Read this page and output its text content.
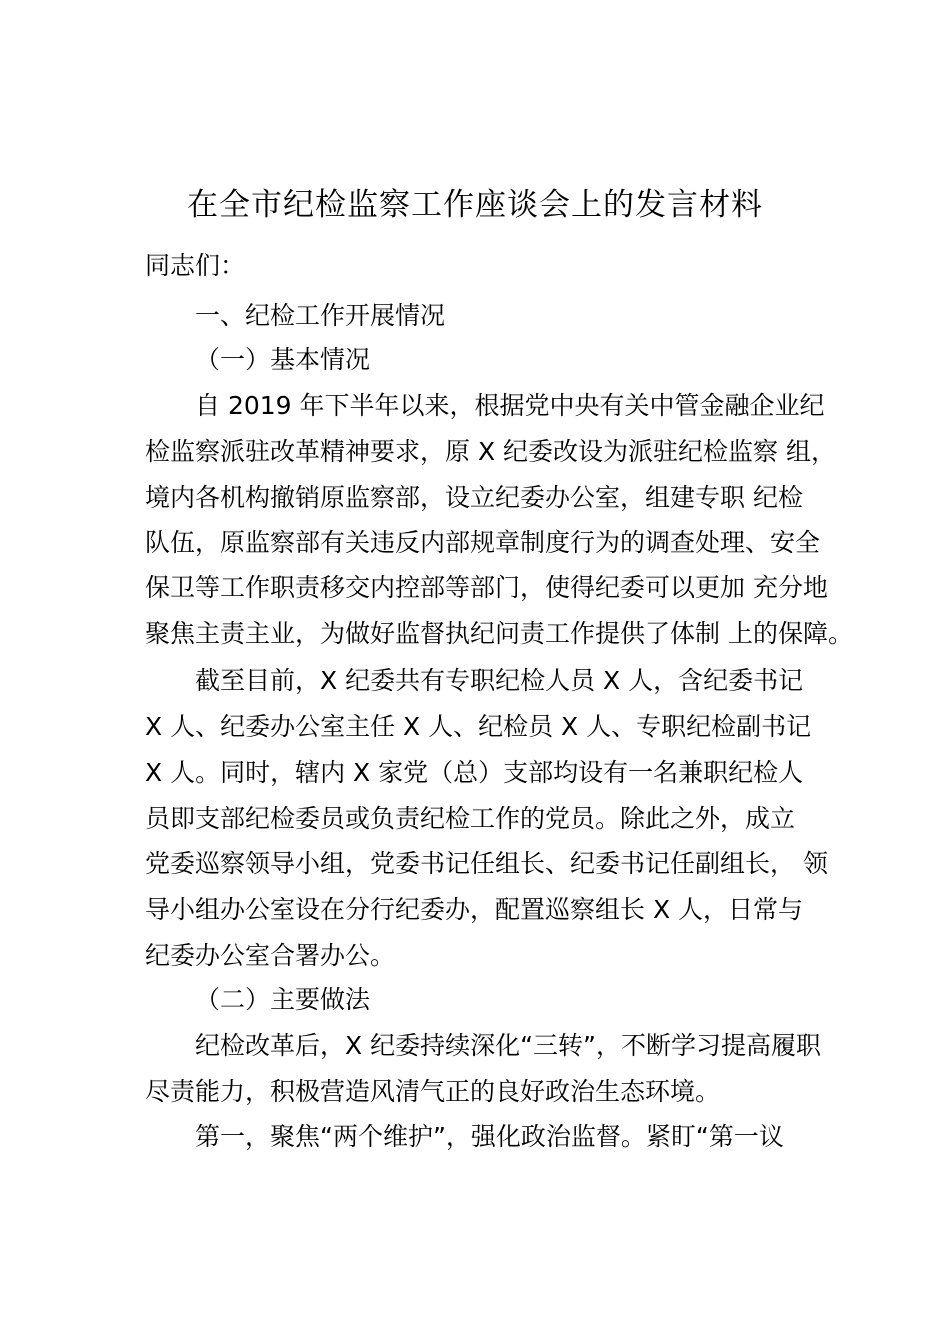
在全市纪检监察工作座谈会上的发言材料
同志们：
一、纪检工作开展情况
（一）基本情况
自 2019 年下半年以来，根据党中央有关中管金融企业纪
检监察派驻改革精神要求，原 X 纪委改设为派驻纪检监察 组，
境内各机构撤销原监察部，设立纪委办公室，组建专职 纪检
队伍，原监察部有关违反内部规章制度行为的调查处理、安全
保卫等工作职责移交内控部等部门，使得纪委可以更加 充分地
聚焦主责主业，为做好监督执纪问责工作提供了体制 上的保障。
截至目前，X 纪委共有专职纪检人员 X 人，含纪委书记
X 人、纪委办公室主任 X 人、纪检员 X 人、专职纪检副书记
X 人。同时，辖内 X 家党（总）支部均设有一名兼职纪检人
员即支部纪检委员或负责纪检工作的党员。除此之外，成立
党委巡察领导小组，党委书记任组长、纪委书记任副组长， 领
导小组办公室设在分行纪委办，配置巡察组长 X 人，日常与
纪委办公室合署办公。
（二）主要做法
纪检改革后，X 纪委持续深化“三转”，不断学习提高履职
尽责能力，积极营造风清气正的良好政治生态环境。
第一，聚焦“两个维护”，强化政治监督。紧盯“第一议
